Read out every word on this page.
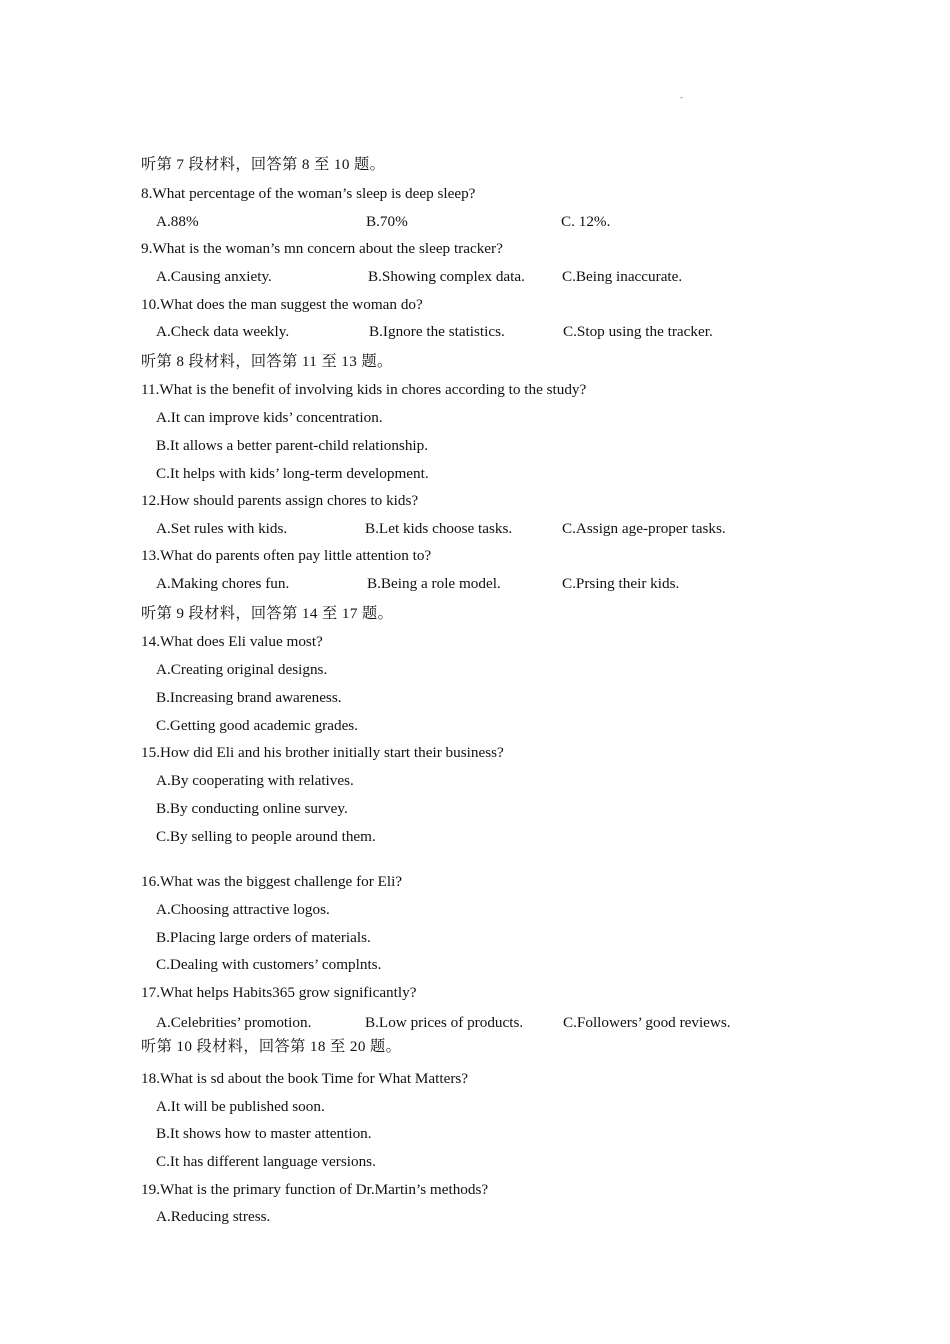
-
听第 7 段材料，回答第 8 至 10 题。
8.What percentage of the woman’s sleep is deep sleep?
A.88%	B.70%	C. 12%.
9.What is the woman’s mn concern about the sleep tracker?
A.Causing anxiety.	B.Showing complex data. C.Being inaccurate.
10.What does the man suggest the woman do?
A.Check data weekly.	B.Ignore the statistics.	C.Stop using the tracker.
听第 8 段材料，回答第 11 至 13 题。
11.What is the benefit of involving kids in chores according to the study?
A.It can improve kids’ concentration.
B.It allows a better parent-child relationship.
C.It helps with kids’ long-term development.
12.How should parents assign chores to kids?
A.Set rules with kids.	B.Let kids choose tasks.	C.Assign age-proper tasks.
13.What do parents often pay little attention to?
A.Making chores fun.	B.Being a role model.	C.Prsing their kids.
听第 9 段材料，回答第 14 至 17 题。
14.What does Eli value most?
A.Creating original designs.
B.Increasing brand awareness.
C.Getting good academic grades.
15.How did Eli and his brother initially start their business?
A.By cooperating with relatives.
B.By conducting online survey.
C.By selling to people around them.
16.What was the biggest challenge for Eli?
A.Choosing attractive logos.
B.Placing large orders of materials.
C.Dealing with customers’ complnts.
17.What helps Habits365 grow significantly?
A.Celebrities’ promotion.	B.Low prices of products.	C.Followers’ good reviews.
听第 10 段材料，回答第 18 至 20 题。
18.What is sd about the book Time for What Matters?
A.It will be published soon.
B.It shows how to master attention.
C.It has different language versions.
19.What is the primary function of Dr.Martin’s methods?
A.Reducing stress.
